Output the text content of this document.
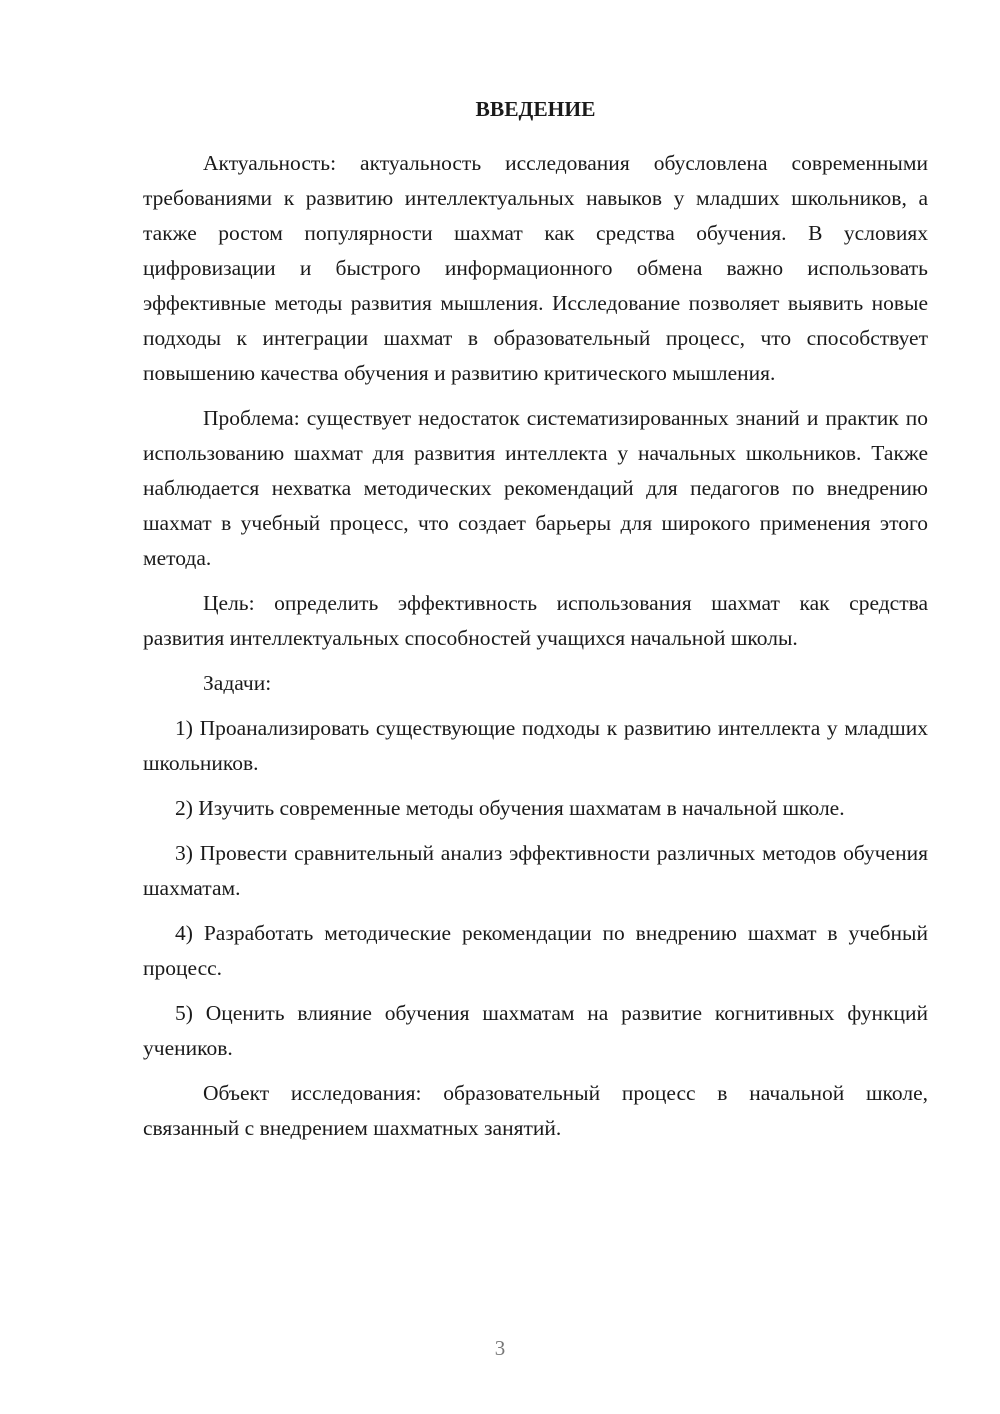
ВВЕДЕНИЕ

Актуальность: актуальность исследования обусловлена современными требованиями к развитию интеллектуальных навыков у младших школьников, а также ростом популярности шахмат как средства обучения. В условиях цифровизации и быстрого информационного обмена важно использовать эффективные методы развития мышления. Исследование позволяет выявить новые подходы к интеграции шахмат в образовательный процесс, что способствует повышению качества обучения и развитию критического мышления.

Проблема: существует недостаток систематизированных знаний и практик по использованию шахмат для развития интеллекта у начальных школьников. Также наблюдается нехватка методических рекомендаций для педагогов по внедрению шахмат в учебный процесс, что создает барьеры для широкого применения этого метода.

Цель: определить эффективность использования шахмат как средства развития интеллектуальных способностей учащихся начальной школы.

Задачи:

1) Проанализировать существующие подходы к развитию интеллекта у младших школьников.

2) Изучить современные методы обучения шахматам в начальной школе.

3) Провести сравнительный анализ эффективности различных методов обучения шахматам.

4) Разработать методические рекомендации по внедрению шахмат в учебный процесс.

5) Оценить влияние обучения шахматам на развитие когнитивных функций учеников.

Объект исследования: образовательный процесс в начальной школе, связанный с внедрением шахматных занятий.

3
